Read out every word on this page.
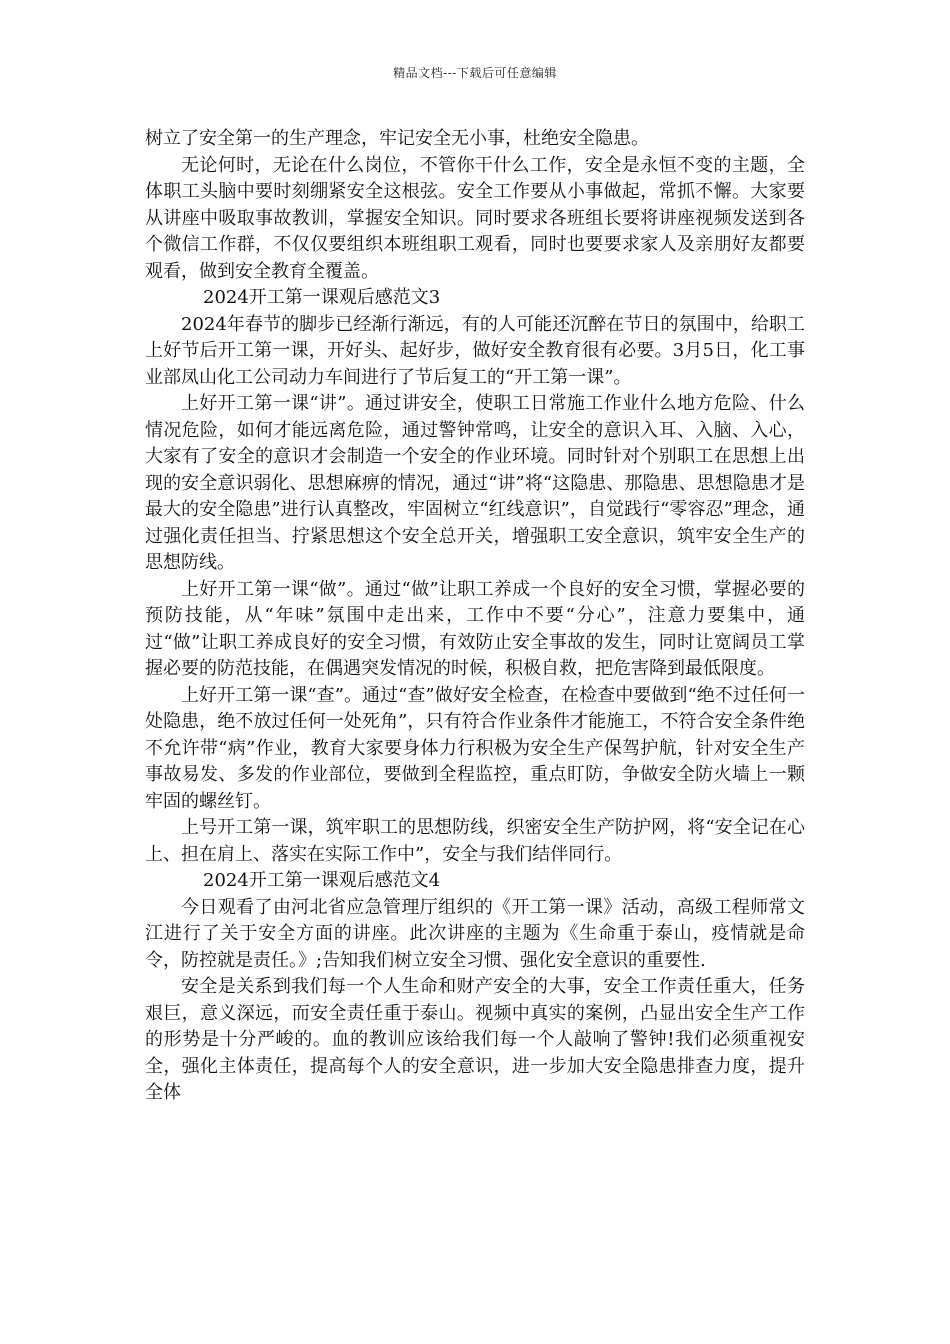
精品文档---下载后可任意编辑

树立了安全第一的生产理念，牢记安全无小事，杜绝安全隐患。

无论何时，无论在什么岗位，不管你干什么工作，安全是永恒不变的主题，全体职工头脑中要时刻绷紧安全这根弦。安全工作要从小事做起，常抓不懈。大家要从讲座中吸取事故教训，掌握安全知识。同时要求各班组长要将讲座视频发送到各个微信工作群，不仅仅要组织本班组职工观看，同时也要要求家人及亲朋好友都要观看，做到安全教育全覆盖。

2024开工第一课观后感范文3

2024年春节的脚步已经渐行渐远，有的人可能还沉醉在节日的氛围中，给职工上好节后开工第一课，开好头、起好步，做好安全教育很有必要。3月5日，化工事业部凤山化工公司动力车间进行了节后复工的“开工第一课”。

上好开工第一课“讲”。通过讲安全，使职工日常施工作业什么地方危险、什么情况危险，如何才能远离危险，通过警钟常鸣，让安全的意识入耳、入脑、入心，大家有了安全的意识才会制造一个安全的作业环境。同时针对个别职工在思想上出现的安全意识弱化、思想麻痹的情况，通过“讲”将“这隐患、那隐患、思想隐患才是最大的安全隐患”进行认真整改，牢固树立“红线意识”，自觉践行“零容忍”理念，通过强化责任担当、拧紧思想这个安全总开关，增强职工安全意识，筑牢安全生产的思想防线。

上好开工第一课“做”。通过“做”让职工养成一个良好的安全习惯，掌握必要的预防技能，从“年味”氛围中走出来，工作中不要“分心”，注意力要集中，通过“做”让职工养成良好的安全习惯，有效防止安全事故的发生，同时让宽阔员工掌握必要的防范技能，在偶遇突发情况的时候，积极自救，把危害降到最低限度。

上好开工第一课“查”。通过“查”做好安全检查，在检查中要做到“绝不过任何一处隐患，绝不放过任何一处死角”，只有符合作业条件才能施工，不符合安全条件绝不允许带“病”作业，教育大家要身体力行积极为安全生产保驾护航，针对安全生产事故易发、多发的作业部位，要做到全程监控，重点盯防，争做安全防火墙上一颗牢固的螺丝钉。

上号开工第一课，筑牢职工的思想防线，织密安全生产防护网，将“安全记在心上、担在肩上、落实在实际工作中”，安全与我们结伴同行。

2024开工第一课观后感范文4

今日观看了由河北省应急管理厅组织的《开工第一课》活动，高级工程师常文江进行了关于安全方面的讲座。此次讲座的主题为《生命重于泰山，疫情就是命令，防控就是责任。》;告知我们树立安全习惯、强化安全意识的重要性.

安全是关系到我们每一个人生命和财产安全的大事，安全工作责任重大，任务艰巨，意义深远，而安全责任重于泰山。视频中真实的案例，凸显出安全生产工作的形势是十分严峻的。血的教训应该给我们每一个人敲响了警钟!我们必须重视安全，强化主体责任，提高每个人的安全意识，进一步加大安全隐患排查力度，提升全体
